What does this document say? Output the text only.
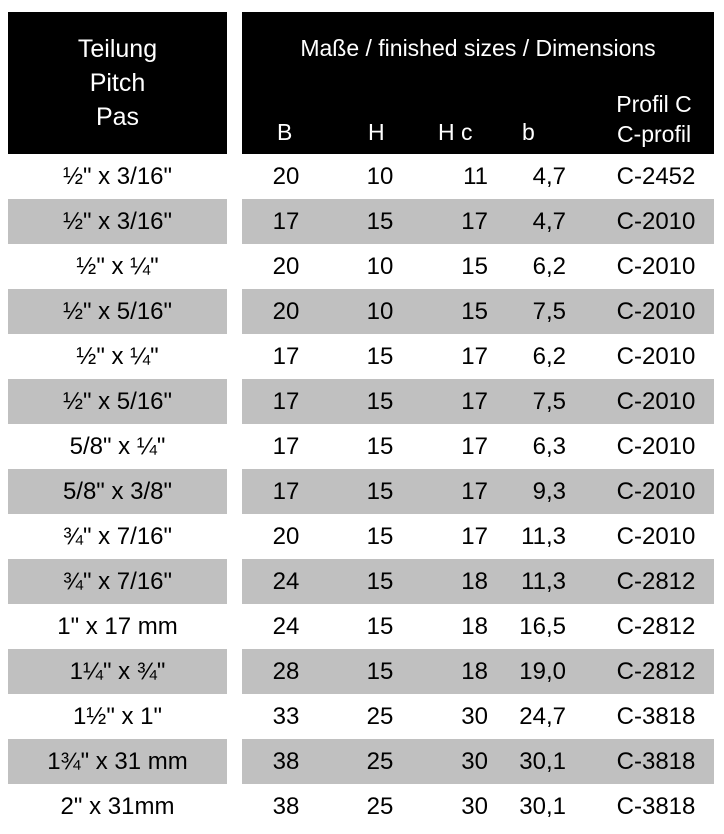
Teilung
Pitch
Pas
Maße / finished sizes / Dimensions
B	H	H c	b
Profil C
C-profil
½" x 3/16"	20	10	11	4,7	C-2452
½" x 3/16"	17	15	17	4,7	C-2010
½" x ¼"	20	10	15	6,2	C-2010
½" x 5/16"	20	10	15	7,5	C-2010
½" x ¼"	17	15	17	6,2	C-2010
½" x 5/16"	17	15	17	7,5	C-2010
5/8" x ¼"	17	15	17	6,3	C-2010
5/8" x 3/8"	17	15	17	9,3	C-2010
¾" x 7/16"	20	15	17	11,3	C-2010
¾" x 7/16"	24	15	18	11,3	C-2812
1" x 17 mm	24	15	18	16,5	C-2812
1¼" x ¾"	28	15	18	19,0	C-2812
1½" x 1"	33	25	30	24,7	C-3818
1¾" x 31 mm	38	25	30	30,1	C-3818
2" x 31mm	38	25	30	30,1	C-3818
